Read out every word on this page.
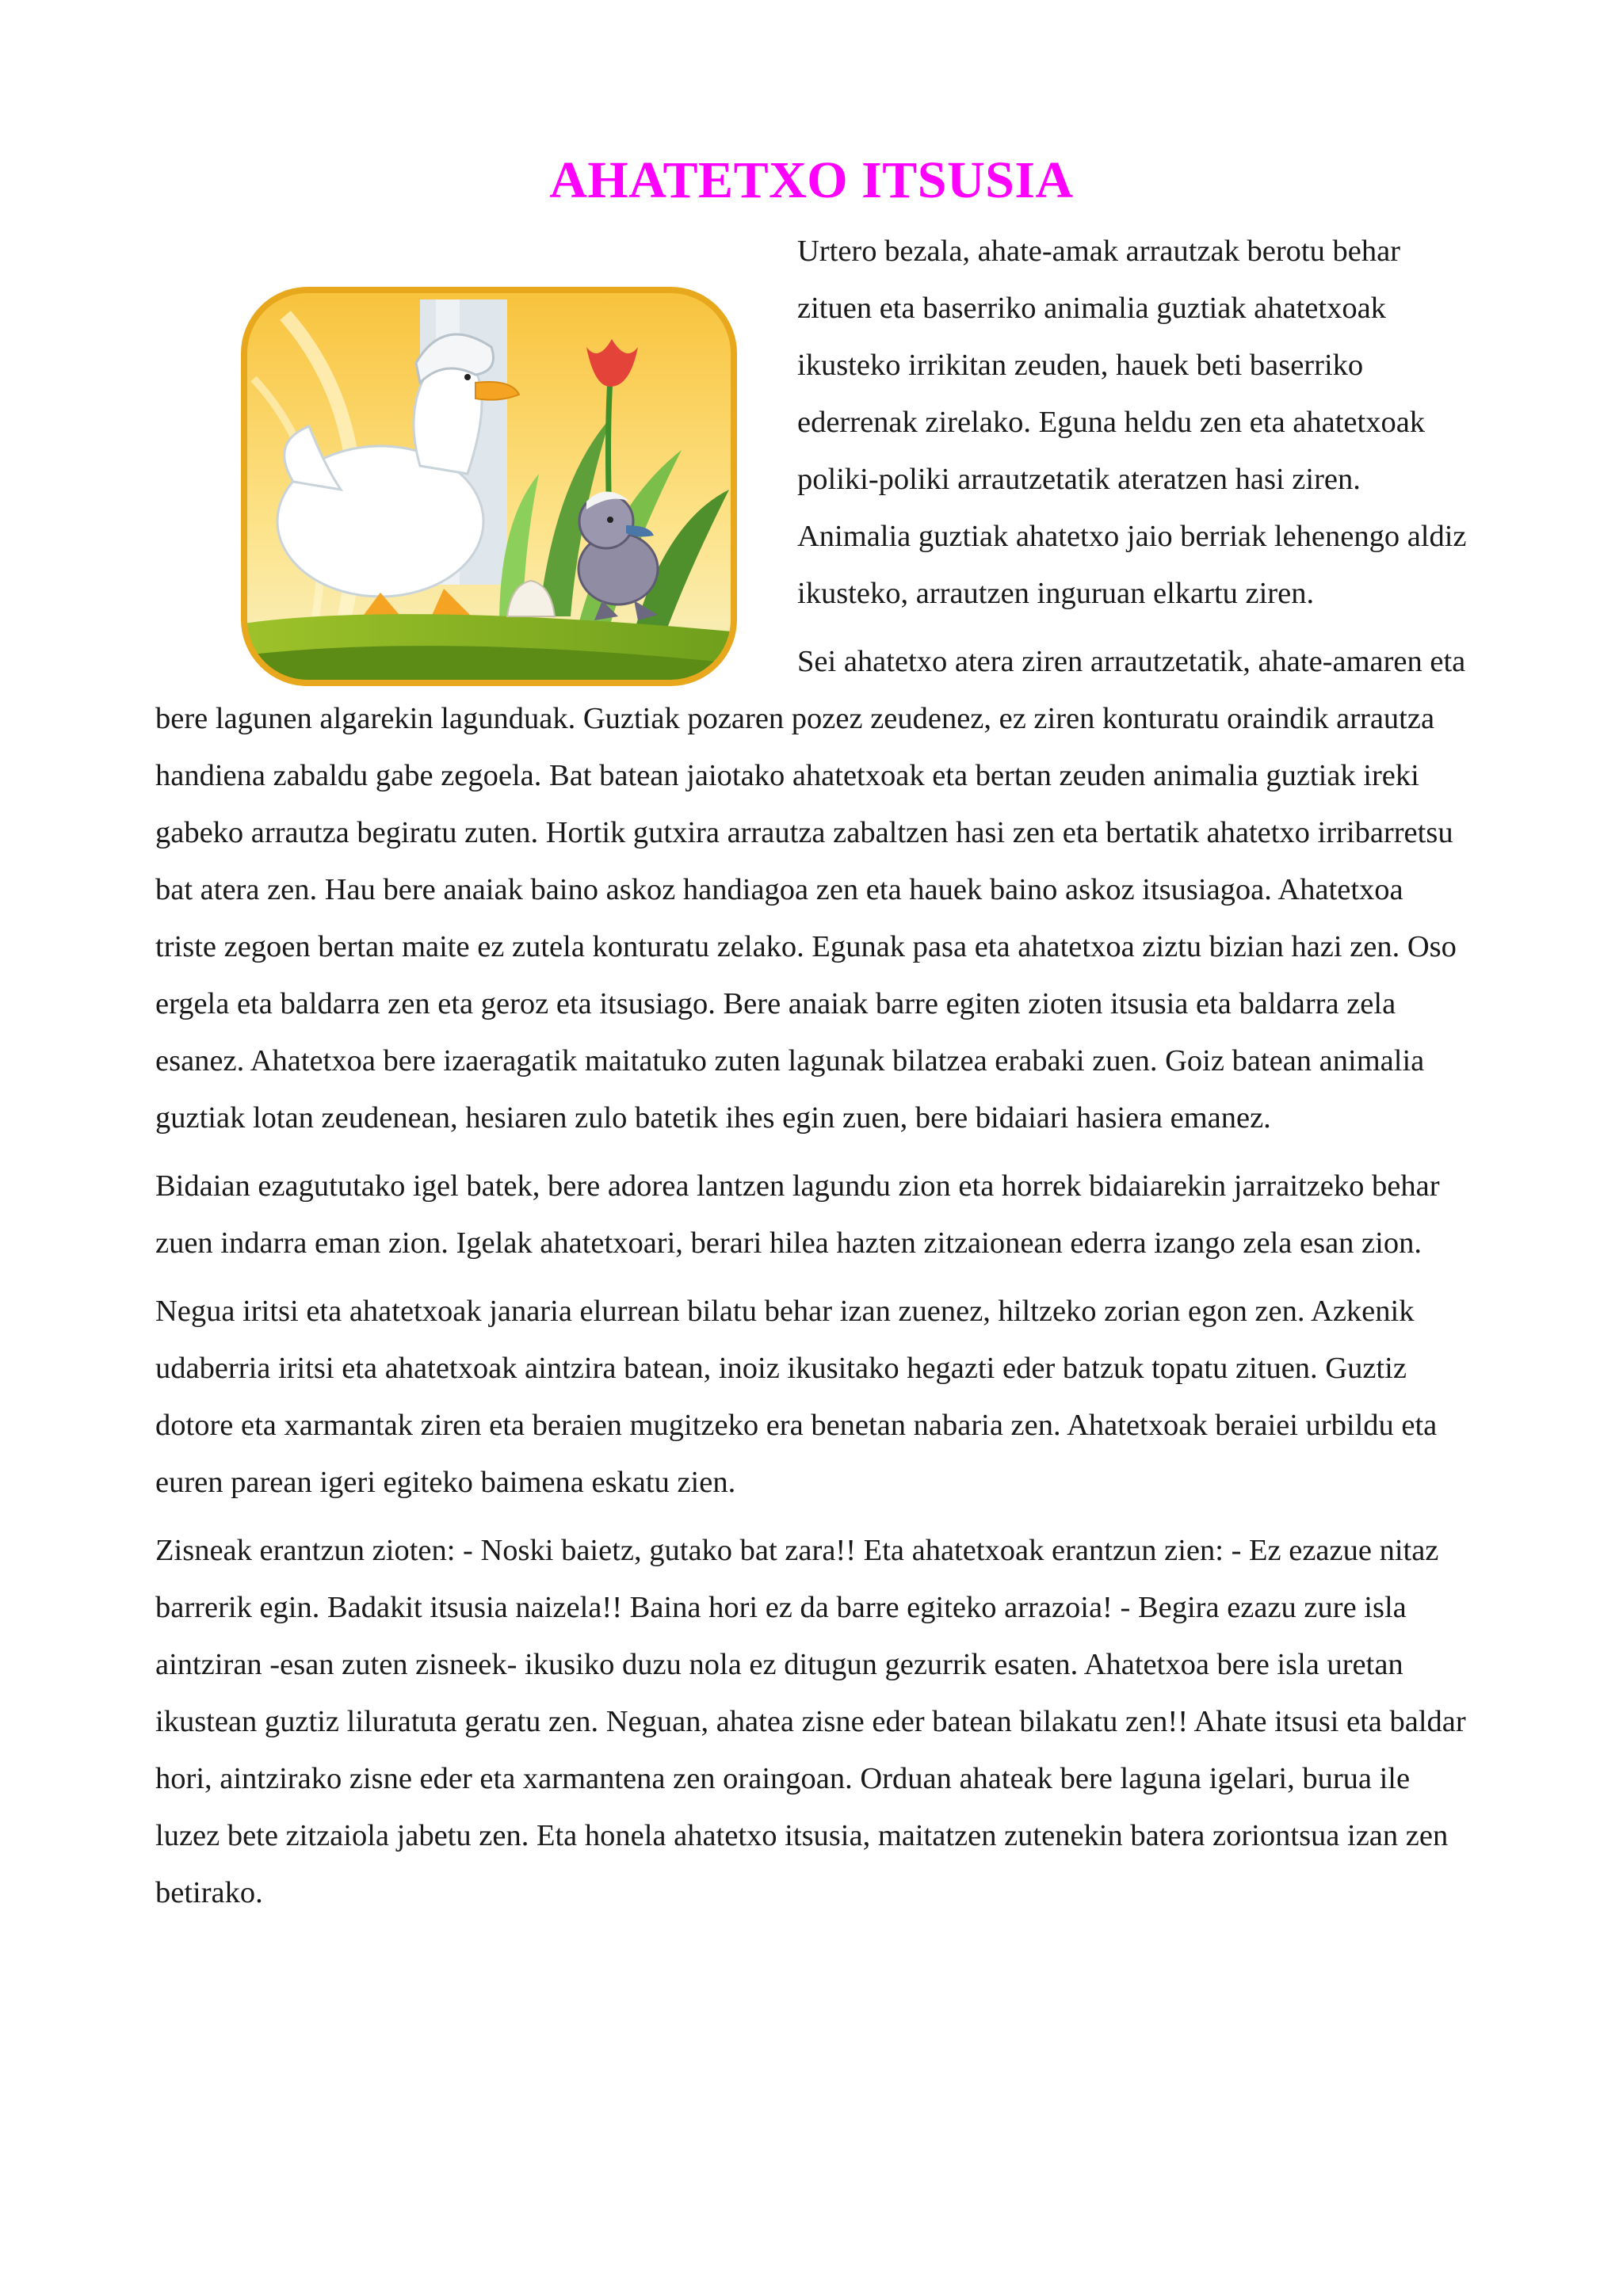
AHATETXO ITSUSIA

Urtero bezala, ahate-amak arrautzak berotu behar zituen eta baserriko animalia guztiak ahatetxoak ikusteko irrikitan zeuden, hauek beti baserriko ederrenak zirelako. Eguna heldu zen eta ahatetxoak poliki-poliki arrautzetatik ateratzen hasi ziren. Animalia guztiak ahatetxo jaio berriak lehenengo aldiz ikusteko, arrautzen inguruan elkartu ziren.

Sei ahatetxo atera ziren arrautzetatik, ahate-amaren eta bere lagunen algarekin lagunduak. Guztiak pozaren pozez zeudenez, ez ziren konturatu oraindik arrautza handiena zabaldu gabe zegoela. Bat batean jaiotako ahatetxoak eta bertan zeuden animalia guztiak ireki gabeko arrautza begiratu zuten. Hortik gutxira arrautza zabaltzen hasi zen eta bertatik ahatetxo irribarretsu bat atera zen. Hau bere anaiak baino askoz handiagoa zen eta hauek baino askoz itsusiagoa. Ahatetxoa triste zegoen bertan maite ez zutela konturatu zelako. Egunak pasa eta ahatetxoa ziztu bizian hazi zen. Oso ergela eta baldarra zen eta geroz eta itsusiago. Bere anaiak barre egiten zioten itsusia eta baldarra zela esanez. Ahatetxoa bere izaeragatik maitatuko zuten lagunak bilatzea erabaki zuen. Goiz batean animalia guztiak lotan zeudenean, hesiaren zulo batetik ihes egin zuen, bere bidaiari hasiera emanez.

Bidaian ezagututako igel batek, bere adorea lantzen lagundu zion eta horrek bidaiarekin jarraitzeko behar zuen indarra eman zion. Igelak ahatetxoari, berari hilea hazten zitzaionean ederra izango zela esan zion.

Negua iritsi eta ahatetxoak janaria elurrean bilatu behar izan zuenez, hiltzeko zorian egon zen. Azkenik udaberria iritsi eta ahatetxoak aintzira batean, inoiz ikusitako hegazti eder batzuk topatu zituen. Guztiz dotore eta xarmantak ziren eta beraien mugitzeko era benetan nabaria zen. Ahatetxoak beraiei urbildu eta euren parean igeri egiteko baimena eskatu zien.

Zisneak erantzun zioten: - Noski baietz, gutako bat zara!! Eta ahatetxoak erantzun zien: - Ez ezazue nitaz barrerik egin. Badakit itsusia naizela!! Baina hori ez da barre egiteko arrazoia! - Begira ezazu zure isla aintziran -esan zuten zisneek- ikusiko duzu nola ez ditugun gezurrik esaten. Ahatetxoa bere isla uretan ikustean guztiz liluratuta geratu zen. Neguan, ahatea zisne eder batean bilakatu zen!! Ahate itsusi eta baldar hori, aintzirako zisne eder eta xarmantena zen oraingoan. Orduan ahateak bere laguna igelari, burua ile luzez bete zitzaiola jabetu zen. Eta honela ahatetxo itsusia, maitatzen zutenekin batera zoriontsua izan zen betirako.
